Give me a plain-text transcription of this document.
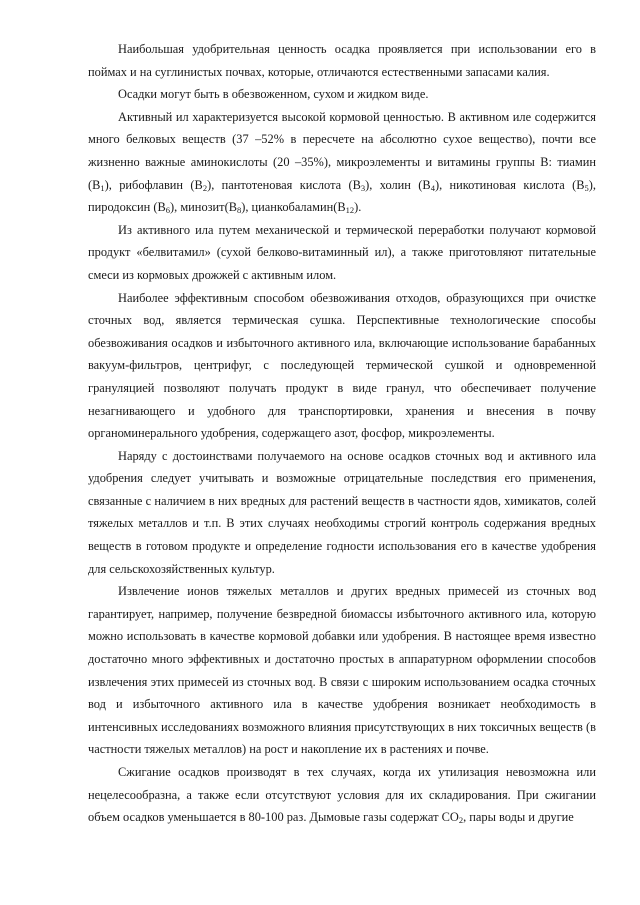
Наибольшая удобрительная ценность осадка проявляется при использовании его в поймах и на суглинистых почвах, которые, отличаются естественными запасами калия.

Осадки могут быть в обезвоженном, сухом и жидком виде.

Активный ил характеризуется высокой кормовой ценностью. В активном иле содержится много белковых веществ (37 –52% в пересчете на абсолютно сухое вещество), почти все жизненно важные аминокислоты (20 –35%), микроэлементы и витамины группы В: тиамин $(В_1)$, рибофлавин $(В_2)$, пантотеновая кислота $(В_3)$, холин $(В_4)$, никотиновая кислота $(В_5)$, пиродоксин $(В_6)$, $минозит(В_8)$, $цианкобаламин(В_{12})$.

Из активного ила путем механической и термической переработки получают кормовой продукт «белвитамил» (сухой белково-витаминный ил), а также приготовляют питательные смеси из кормовых дрожжей с активным илом.

Наиболее эффективным способом обезвоживания отходов, образующихся при очистке сточных вод, является термическая сушка. Перспективные технологические способы обезвоживания осадков и избыточного активного ила, включающие использование барабанных вакуум-фильтров, центрифуг, с последующей термической сушкой и одновременной грануляцией позволяют получать продукт в виде гранул, что обеспечивает получение незагнивающего и удобного для транспортировки, хранения и внесения в почву органоминерального удобрения, содержащего азот, фосфор, микроэлементы.

Наряду с достоинствами получаемого на основе осадков сточных вод и активного ила удобрения следует учитывать и возможные отрицательные последствия его применения, связанные с наличием в них вредных для растений веществ в частности ядов, химикатов, солей тяжелых металлов и т.п. В этих случаях необходимы строгий контроль содержания вредных веществ в готовом продукте и определение годности использования его в качестве удобрения для сельскохозяйственных культур.

Извлечение ионов тяжелых металлов и других вредных примесей из сточных вод гарантирует, например, получение безвредной биомассы избыточного активного ила, которую можно использовать в качестве кормовой добавки или удобрения. В настоящее время известно достаточно много эффективных и достаточно простых в аппаратурном оформлении способов извлечения этих примесей из сточных вод. В связи с широким использованием осадка сточных вод и избыточного активного ила в качестве удобрения возникает необходимость в интенсивных исследованиях возможного влияния присутствующих в них токсичных веществ (в частности тяжелых металлов) на рост и накопление их в растениях и почве.

Сжигание осадков производят в тех случаях, когда их утилизация невозможна или нецелесообразна, а также если отсутствуют условия для их складирования. При сжигании объем осадков уменьшается в 80-100 раз. Дымовые газы содержат $СО_2$, пары воды и другие
